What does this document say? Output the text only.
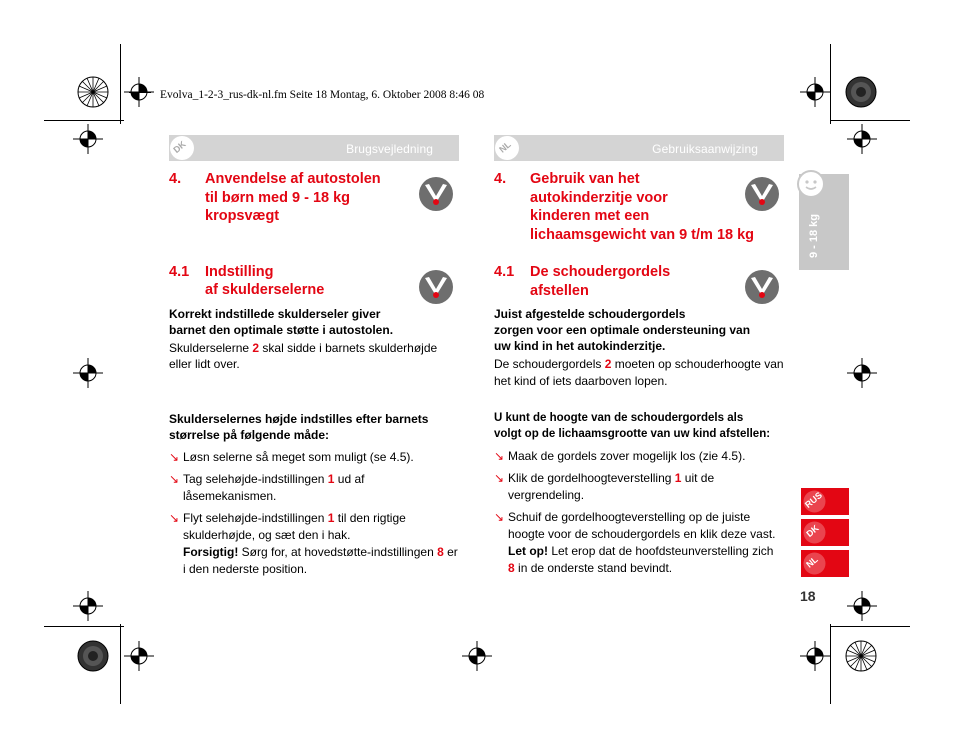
Evolva_1-2-3_rus-dk-nl.fm Seite 18 Montag, 6. Oktober 2008 8:46 08
DK	Brugsvejledning	NL	Gebruiksaanwijzing
4. Anvendelse af autostolen
til børn med 9 - 18 kg
kropsvægt
4.1 Indstilling
af skulderselerne
Korrekt indstillede skulderseler giver
barnet den optimale støtte i autostolen.
Skulderselerne 2 skal sidde i barnets skulderhøjde eller lidt over.
Skulderselernes højde indstilles efter barnets
størrelse på følgende måde:
↘ Løsn selerne så meget som muligt (se 4.5).
↘ Tag selehøjde-indstillingen 1 ud af låsemekanismen.
↘ Flyt selehøjde-indstillingen 1 til den rigtige skulderhøjde, og sæt den i hak.
Forsigtig! Sørg for, at hovedstøtte-indstillingen 8 er i den nederste position.
4. Gebruik van het
autokinderzitje voor
kinderen met een
lichaamsgewicht van 9 t/m 18 kg
4.1 De schoudergordels
afstellen
Juist afgestelde schoudergordels
zorgen voor een optimale ondersteuning van
uw kind in het autokinderzitje.
De schoudergordels 2 moeten op schouderhoogte van het kind of iets daarboven lopen.
U kunt de hoogte van de schoudergordels als
volgt op de lichaamsgrootte van uw kind afstellen:
↘ Maak de gordels zover mogelijk los (zie 4.5).
↘ Klik de gordelhoogteverstelling 1 uit de vergrendeling.
↘ Schuif de gordelhoogteverstelling op de juiste hoogte voor de schoudergordels en klik deze vast.
Let op! Let erop dat de hoofdsteunverstelling zich 8 in de onderste stand bevindt.
9 - 18 kg
RUS
DK
NL
18
